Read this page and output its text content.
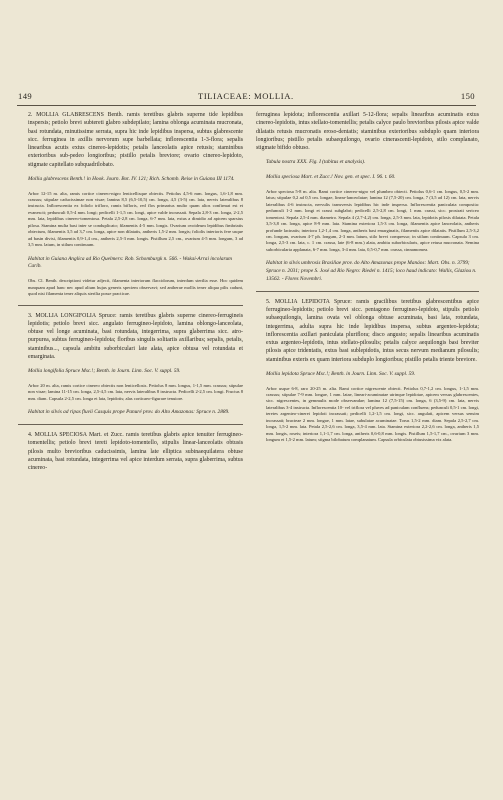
149	TILIACEAE: MOLLIA.	150

2. MOLLIA GLABRESCENS Benth. ramis teretibus glabris superne tide lepidibus inspersis; petiolo brevi subtereti glabro subdepilato; lamina oblonga acuminata mucronata, basi rotundata, minutissime serrata, supra hic inde lepidibus inspersa, subtus glabrescente sicc. ferruginea in axillis nervorum supe barbellata; inflorescentia 1-3-flora; sepalis linearibus acutis extus cinereo-lepidotis; petalis lanceolatis apice retusis; staminibus exterioribus sub-pedeo longioribus; pistillo petalis breviore; ovario cinereo-lepidoto, stigmate capitellato subquadrilobato.

Mollia glabrescens Benth.! in Hook. Journ. Bot. IV. 121; Rich. Schomb. Reise in Guiana III 1174.

Arbor 12-15 m. alta, ramis cortice cinereo-nigro lenticellisque obtectis. Petiolus 4,5-6 mm. longus, 1,6-1,8 mm. crassus; stipulae caducissimae non visae; lamina 8,5 (6,5-10,5) cm. longa, 4,5 (3-5) cm. lata, nervis lateralibus 8 instructa. Inflorescentia ex foliolo trifloro, ramis bifloris, red flos primarius multo quam alios confirmat est et evanescit; pedunculi 0,5-4 mm. longi; pedicelli 1-1,5 cm. longi, apice valde incrassati. Sepala 2,8-3 cm. longa, 2-2,5 mm. lata, lepidibus cinereo-tomentosa. Petala 2,5-2,8 cm. longa, 6-7 mm. lata, extus a dimidio ad apicem sparsius pilosa. Stamina multa basi inter se conduplicato; filamentis 4-5 mm. longis. Ovarium ovoideum lepidibus fimbriatis obtectum, filamentis 3,5 ad 3,7 cm. longa, apice non dilatatis, antheris 1,5-2 mm. longis; foliolis interioris fere usque ad basin divisi, filamentis 0,9-1,4 cm., antheris 2,5-3 mm. longis. Pistillum 2,5 cm., ovarium 4-5 mm. longum, 3 ad 3,5 mm. latum, in stilum continuum.

Habitat in Guiana Anglica ad Rio Quelmers: Rob. Schomburgk n. 566. - Wakai-Arrai incolarum Carib.

Obs. Cl. Benth. descriptioni videtur adjecit, filamenta interiorum flaccidorum, interdum sterilia esse. Hoc quidem nunquam apud hanc nec apud alium hujus generis speciem observavi; sed antherae mollis tener aliqua pilis cadunt, quod nisi filamenta tener aliquis sterilia posse practicae.

3. MOLLIA LONGIFOLIA Spruce: ramis teretibus glabris superne cinereo-ferrugineis lepidotis; petiolo brevi sicc. angulato ferrugineo-lepidoto, lamina oblongo-lanceolata, obtuse vel longe acuminata, basi rotundata, integerrima, supra glaberrima sicc. atro-purpurea, subtus ferrugineo-lepidota; floribus singulis solitariis axillaribus; sepalis, petalis, staminibus..., capsula ambitu suborbiculari late alata, apice obtusa vel rotundata et emarginata.

Mollia longifolia Spruce Msc.!; Benth. in Journ. Linn. Soc. V. suppl. 59.

Arbor 20 m. alta, ramis cortice cinereo obtectis non lenticellosis. Petiolus 8 mm. longus, 1-1,5 mm. crassus; stipulae non visae; lamina 11-15 cm. longa, 2,5-4,5 cm. lata, nervis lateralibus 8 instructa. Pedicelli 2-2,5 cm. longi. Fructus 8 mm. diam. Capsula 2-2,5 cm. longa et lata, lepidotis; alas corticaeo-figurare tenuiore.

Habitat in silvis ad ripas fluvii Casquis prope Panuré prov. do Alto Amazonas: Spruce n. 2889.

4. MOLLIA SPECIOSA Mart. et Zucc. ramis teretibus glabris apice tenuiter ferrugineo-tomentellis; petiolo brevi tereti lepidoto-tomentello, stipulis linear-lanceolatis obtusis pilosis multo brevioribus caducissimis, lamina late elliptica subinaequilatera obtuse acuminata, basi rotundata, integerrima vel apice interdum serrata, supra glaberrima, subtus cinereo-

ferruginea lepidota; inflorescentia axillari 5-12-flora; sepalis linearibus acuminatis extus cinereo-lepidotis, intus stellato-tomentellis; petalis calyce paulo brevioribus pilosis apice valde dilatatis retusis mucronatis eroso-dentatis; staminibus exterioribus subduplo quam interiora longioribus; pistillo petalis subaequilongo, ovario cinerascenti-lepidoto, stilo complanato, stigmate bifido obtuso.

Tabula nostra XXX. Fig. I (tabitus et analysis).

Mollia speciosa Mart. et Zucc.! Nov. gen. et spec. I. 96. t. 60.

Arbor speciosa 5-8 m. alta. Rami cortice cinereo-nigro vel plumbeo obtecti. Petiolus 0,6-1 cm. longus, 0,5-2 mm. latus; stipulae 0,2 ad 0,5 cm. longae, linear-lanceolatae; lamina 12 (7,5-20) cm. longa, 7 (3,5 ad 12) cm. lata, nervis lateralibus 4-6 instructa, nervulis transversis lepidibus hic inde inspersa. Inflorescentia paniculata composita: pedunculi 1-2 mm. longi et crassi subglabri; pedicelli 2,5-2,8 cm. longi, 1 mm. crassi, sicc. prostrati sericeo tomentosi. Sepala 2,5-4 mm. diametro. Sepala 4 (2,7-4,2) cm. longa, 2,5-3 mm. lata, lepidotis pilosis dilatata. Petala 3,5-3,8 cm. longa, apice 8-9 mm. lata. Stamina exteriora 1,5-3 cm. longa, filamentis apice lanceolatis, antheris profunde lacinatis; interiora 1,2-1,4 cm. longa, antheris basi emarginatis, filamentis apice dilatatis. Pistillum 2,5-3,2 cm. longum, ovarium 4-7 ph. longum, 2-3 mm. latum, stilo brevi compresso; in stilum continuum. Capsula 3 cm. longa, 2,5-3 cm. lata, c. 1 cm. crassa, late (6-8 mm.) alata, ambitu suborbicularis, apice retusa mucronata. Semina suborbicularia applanata, 6-7 mm. longa, 3-4 mm. lata, 0,5-0,7 mm. crassa, cinnamomea.

Habitat in silvis umbrosis Brasiliae prov. do Alto Amazonas prope Manáos: Mart. Obs. n. 3799; Spruce n. 2031; prope S. José ad Rio Negro: Riedel n. 1415; loco haud indicato: Wallis, Glaziou n. 13562. - Flores Novembri.

5. MOLLIA LEPIDOTA Spruce: ramis gracilibus teretibus glabrescentibus apice ferrugineo-lepidotis; petiolo brevi sicc. pentagono ferrugineo-lepidoto, stipulis petiolo subaequilongis, lamina ovata vel oblonga obtuse acuminata, basi lata, rotundata, integerrima, adulta supra hic inde lepidibus inspersa, subtus argenteo-lepidota; inflorescentia axillari paniculata pluriflora; disco angusto; sepalis linearibus acuminatis extus argenteo-lepidotis, intus stellato-pilosulis; petalis calyce aequilongis basi breviter pilosis apice tridentatis, extus basi sublepidotis, intus secus nervum medianum pilosulis; staminibus exteris ex quam interiora subduplo longioribus; pistillo petalis triente breviore.

Mollia lepidota Spruce Msc.!; Benth. in Journ. Linn. Soc. V. suppl. 59.

Arbor usque 6-8, raro 20-25 m. alta. Rami cortice nigrescente obtecti. Petiolus 0,7-1,2 cm. longus, 1-1,5 mm. crassus; stipulae 7-9 mm. longae, 1 mm. latae, lineari-acuminatae utrinque lepidotae, apicem versus glabrescentes, sicc. nigrescentes, in gemmulis mode observandae; lamina 12 (7,5-15) cm. longa, 6 (3,5-9) cm. lata, nervis lateralibus 3-4 instructa. Inflorescentia 10- vel triflora vel pluves ad paniculam confluens; pedunculi 0,5-1 cm. longi, teretes argenteo-cinerei lepidoti incrassati; pedicelli 1,2-1,5 cm. longi, sicc. angulati, apicem versus sensim incrassati; bracteae 2 mm. longae, 1 mm. latae, subulatae acuminatae. Torus 1,5-2 mm. diam. Sepala 2,5-2,7 cm. longa, 1,5-2 mm. lata. Petala 2,5-2,6 cm. longa, 3,5-4 mm. lata. Stamina exteriora 2,2-2,6 cm. longa, antheris 1,5 mm. longis, roseis; interiora 1,1-1,7 cm. longa, antheris 0,6-0,8 mm. longis. Pistillum 1,5-1,7 cm., ovarium 3 mm. longum et 1,5-2 mm. latum; stigma bilobatum complanatum. Capsula orbiculata obtusissima vix alata.
